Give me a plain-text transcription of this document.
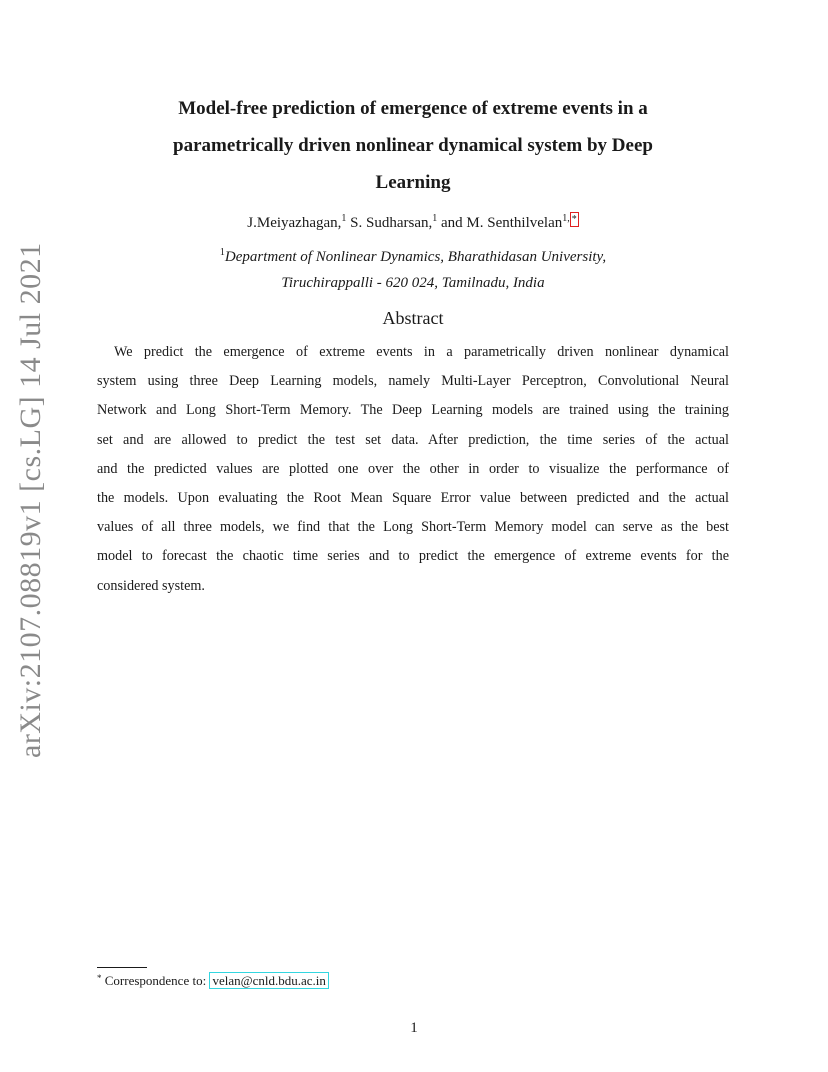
arXiv:2107.08819v1 [cs.LG] 14 Jul 2021
Model-free prediction of emergence of extreme events in a
parametrically driven nonlinear dynamical system by Deep
Learning
J.Meiyazhagan,$^1$ S. Sudharsan,$^1$ and M. Senthilvelan$^{1,}$ *
$^1$Department of Nonlinear Dynamics, Bharathidasan University,
Tiruchirappalli - 620 024, Tamilnadu, India
Abstract
We predict the emergence of extreme events in a parametrically driven nonlinear dynamical
system using three Deep Learning models, namely Multi-Layer Perceptron, Convolutional Neural
Network and Long Short-Term Memory. The Deep Learning models are trained using the training
set and are allowed to predict the test set data. After prediction, the time series of the actual
and the predicted values are plotted one over the other in order to visualize the performance of
the models. Upon evaluating the Root Mean Square Error value between predicted and the actual
values of all three models, we find that the Long Short-Term Memory model can serve as the best
model to forecast the chaotic time series and to predict the emergence of extreme events for the
considered system.
* Correspondence to: velan@cnld.bdu.ac.in
1
